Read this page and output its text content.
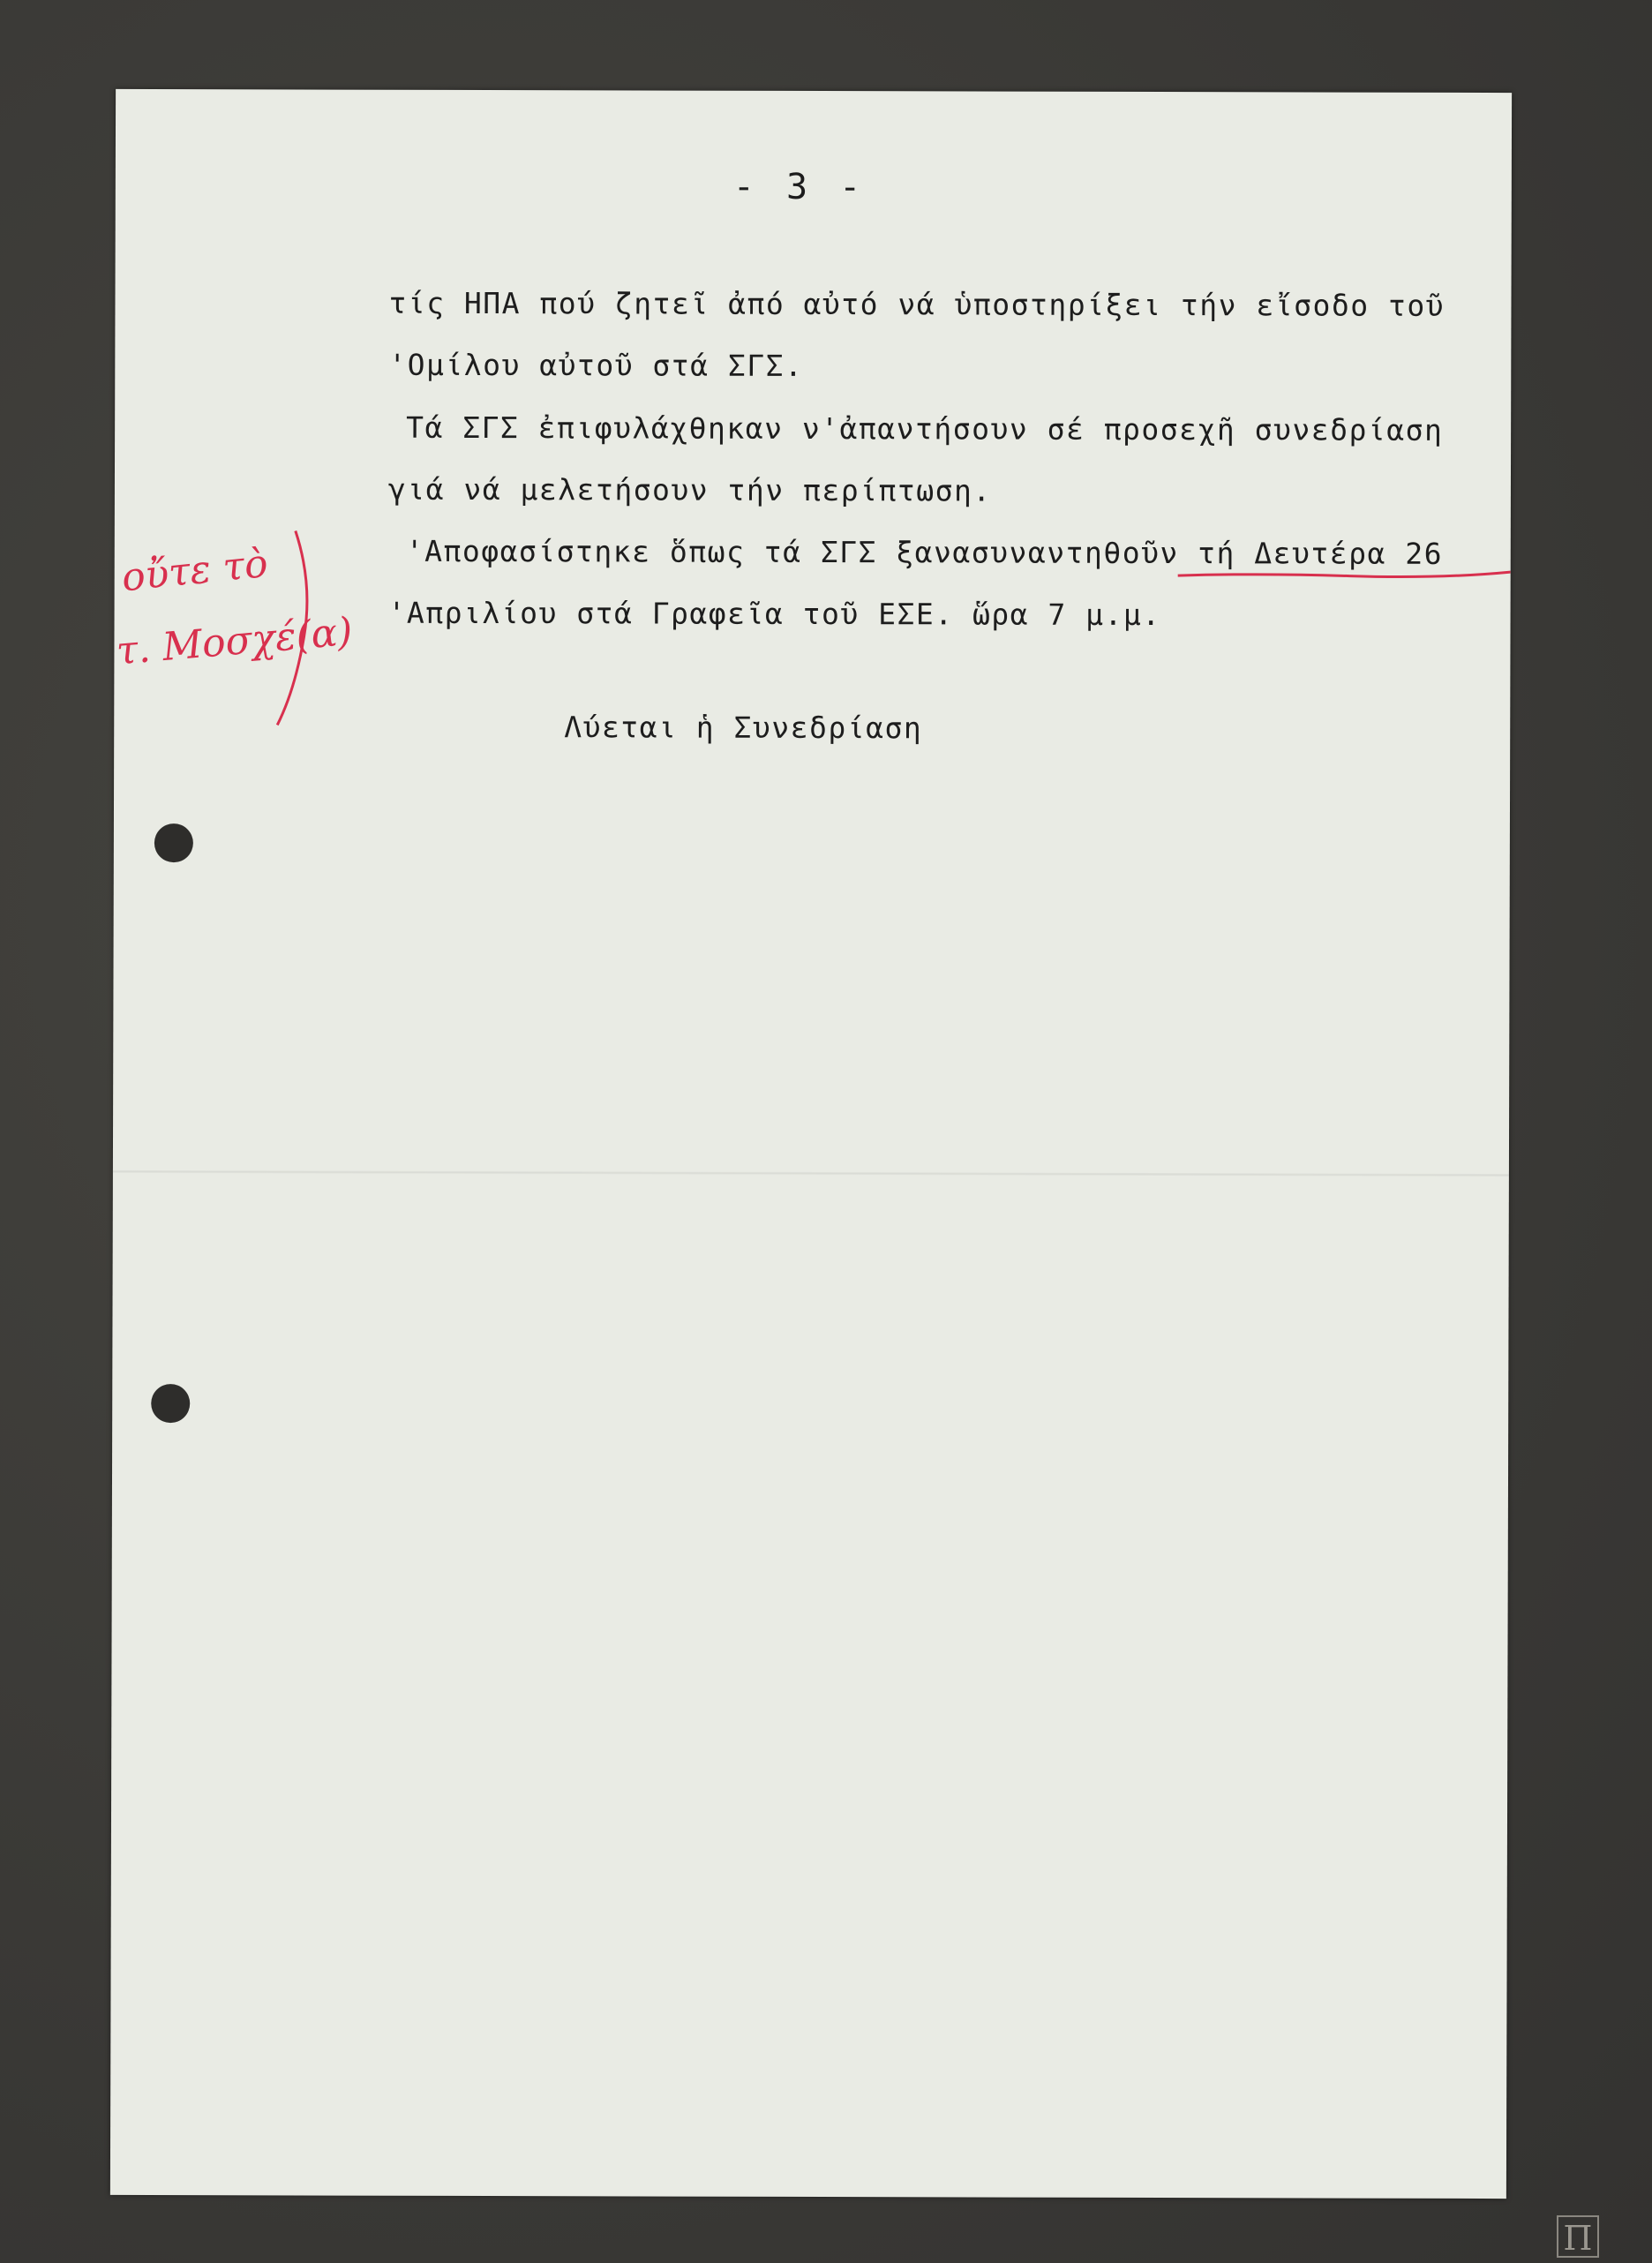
- 3 -
τίς ΗΠΑ πού ζητεῖ ἀπό αὐτό νά ὑποστηρίξει τήν εἴσοδο τοῦ
'Ομίλου αὐτοῦ στά ΣΓΣ.
Τά ΣΓΣ ἐπιφυλάχθηκαν ν'ἀπαντήσουν σέ προσεχῆ συνεδρίαση
γιά νά μελετήσουν τήν περίπτωση.
'Αποφασίστηκε ὅπως τά ΣΓΣ ξανασυναντηθοῦν τή Δευτέρα 26
'Απριλίου στά Γραφεῖα τοῦ ΕΣΕ. ὥρα 7 μ.μ.
Λύεται ἡ Συνεδρίαση
οὔτε τὸ
τ. Μοσχέ(α)
Π
